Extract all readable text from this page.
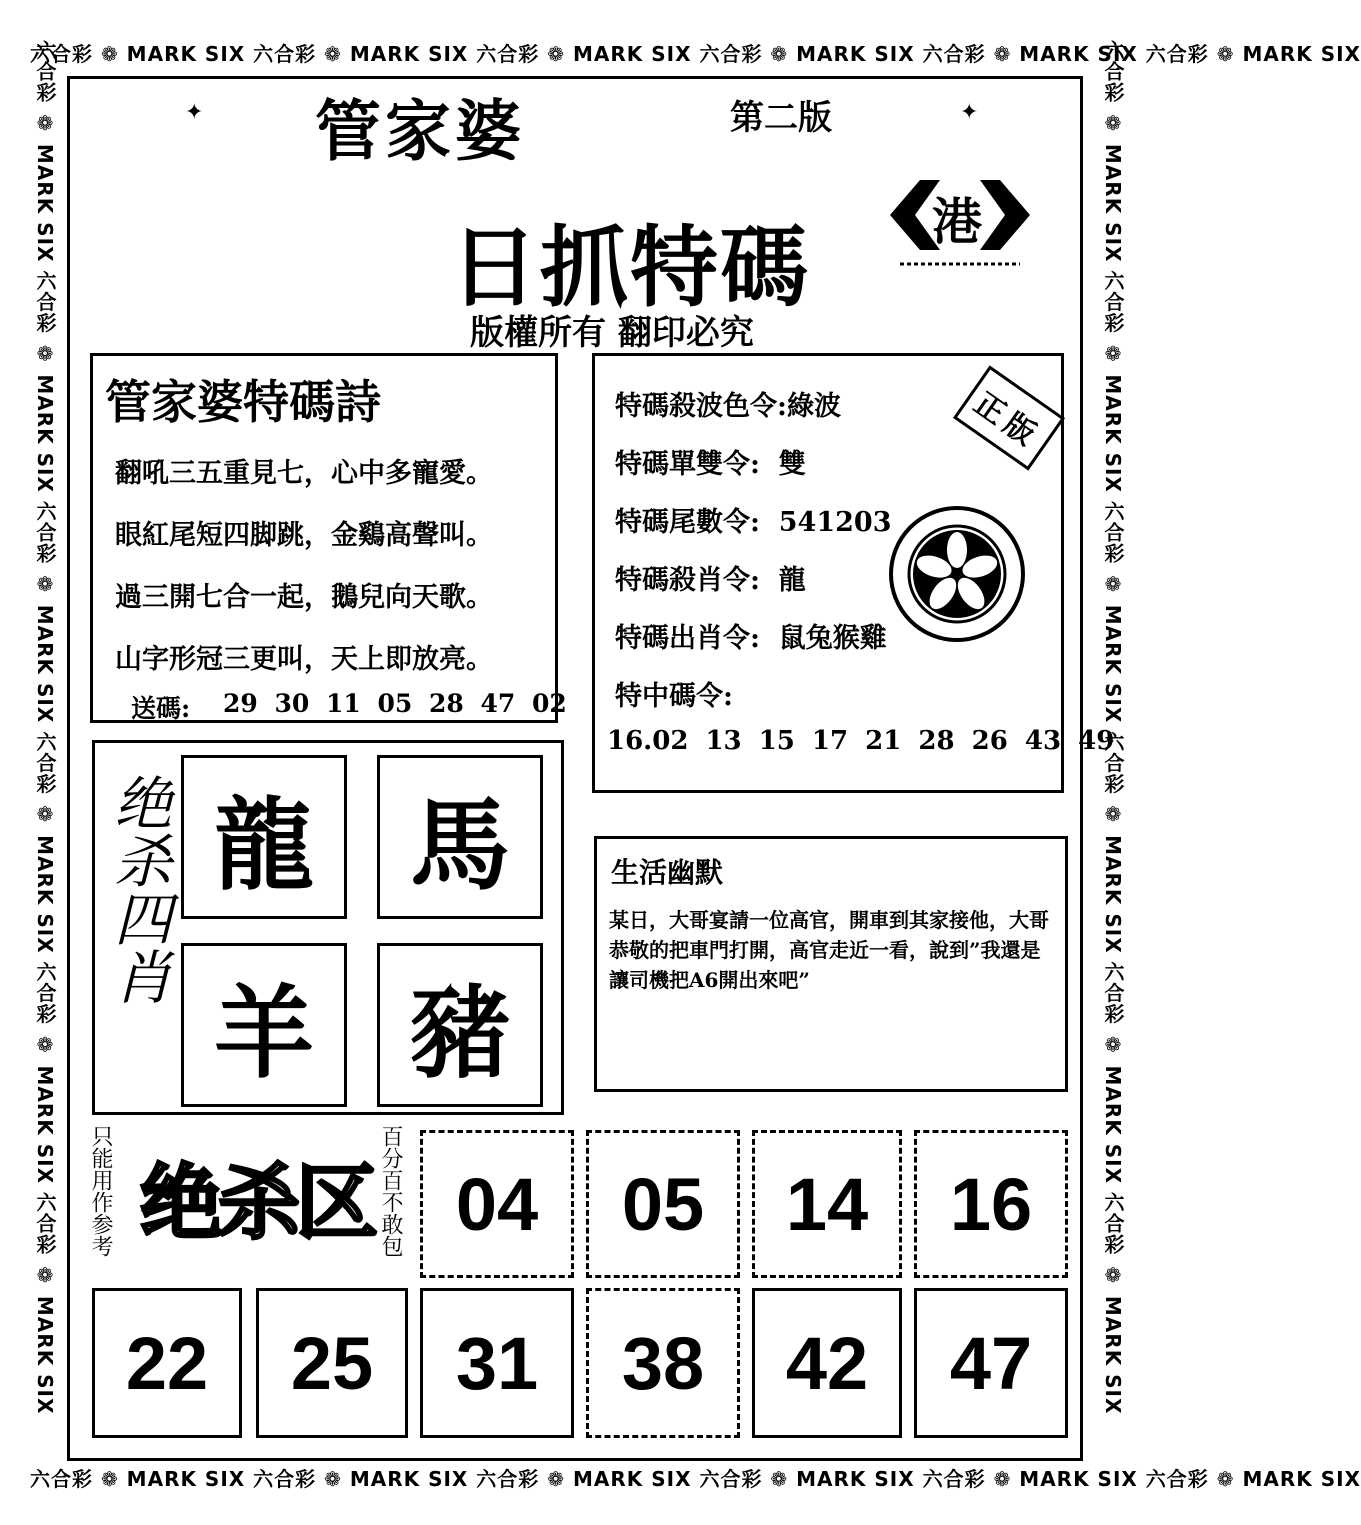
六合彩 ❁ MARK SIX 六合彩 ❁ MARK SIX 六合彩 ❁ MARK SIX 六合彩 ❁ MARK SIX 六合彩 ❁ MARK SIX 六合彩 ❁ MARK SIX
六合彩 ❁ MARK SIX 六合彩 ❁ MARK SIX 六合彩 ❁ MARK SIX 六合彩 ❁ MARK SIX 六合彩 ❁ MARK SIX 六合彩 ❁ MARK SIX
六合彩 ❁ MARK SIX 六合彩 ❁ MARK SIX 六合彩 ❁ MARK SIX 六合彩 ❁ MARK SIX 六合彩 ❁ MARK SIX 六合彩 ❁ MARK SIX	六合彩 ❁ MARK SIX 六合彩 ❁ MARK SIX 六合彩 ❁ MARK SIX 六合彩 ❁ MARK SIX 六合彩 ❁ MARK SIX 六合彩 ❁ MARK SIX
管家婆	第二版
✦	✦
日抓特碼
版權所有 翻印必究
港
管家婆特碼詩
翻吼三五重見七，心中多寵愛。
眼紅尾短四脚跳，金鷄高聲叫。
過三開七合一起，鵝兒向天歌。
山字形冠三更叫，天上即放亮。
送碼: 29 30 11 05 28 47 02
特碼殺波色令:綠波
特碼單雙令:  雙
特碼尾數令:  541203
特碼殺肖令:  龍
特碼出肖令:  鼠兔猴雞
特中碼令:
16.02 13 15 17 21 28 26 43 49
正版
绝杀四肖 龍 馬
羊 豬
生活幽默
某日，大哥宴請一位高官，開車到其家接他，大哥恭敬的把車門打開，高官走近一看，說到”我還是讓司機把A6開出來吧”
只能用作参考 绝杀区 百分百不敢包 04	05	14	16
22	25	31	38	42	47
